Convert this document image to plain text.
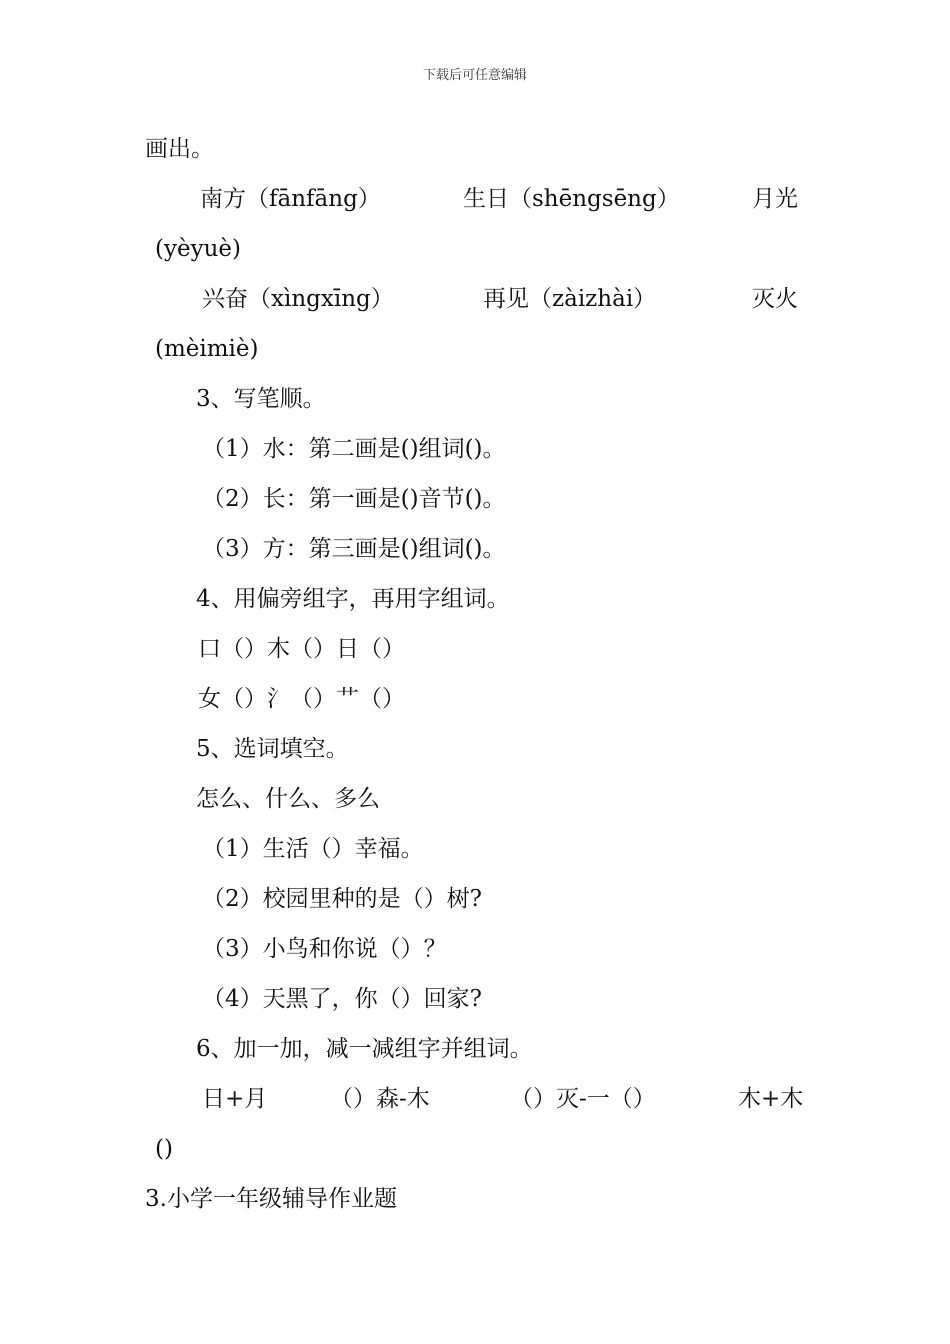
下载后可任意编辑
画出。
南方（fānfāng）	生日（shēngsēng）	月光
(yèyuè)
兴奋（xìngxīng）	再见（zàizhài）	灭火
(mèimiè)
3、写笔顺。
（1）水：第二画是()组词()。
（2）长：第一画是()音节()。
（3）方：第三画是()组词()。
4、用偏旁组字，再用字组词。
口（）木（）日（）
女（）氵（）艹（）
5、选词填空。
怎么、什么、多么
（1）生活（）幸福。
（2）校园里种的是（）树?
（3）小鸟和你说（）？
（4）天黑了，你（）回家?
6、加一加，减一减组字并组词。
日+月	（）森-木	（）灭-一（）	木+木
()
3.小学一年级辅导作业题
